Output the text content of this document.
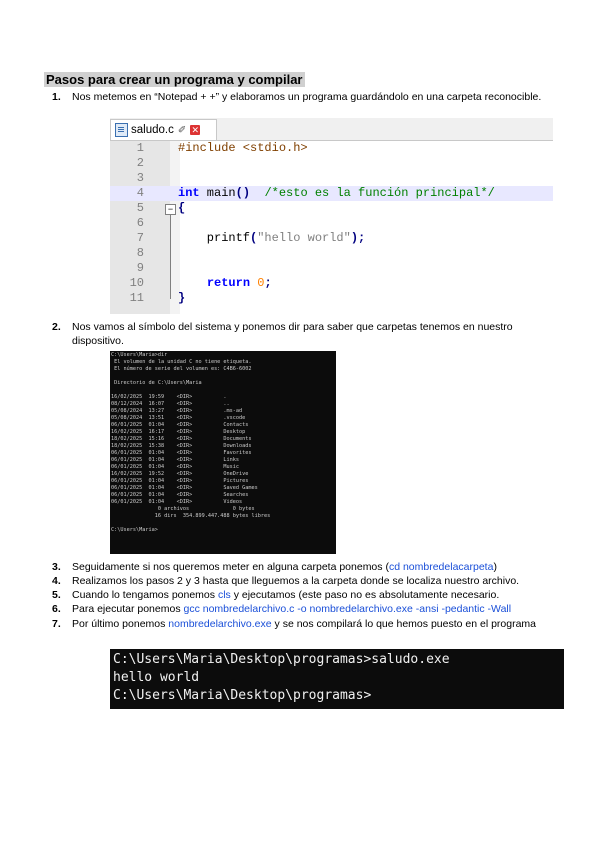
Pasos para crear un programa y compilar
1.	Nos metemos en “Notepad + +” y elaboramos un programa guardándolo en una carpeta reconocible.
saludo.c ✐ ✕
1	#include <stdio.h>
2
3
4	int main() /*esto es la función principal*/
5	{
6
7	printf("hello world");
8
9
10	return 0;
11	}
−
2.	Nos vamos al símbolo del sistema y ponemos dir para saber que carpetas tenemos en nuestro dispositivo.
C:\Users\Maria>dir
El volumen de la unidad C no tiene etiqueta.
El número de serie del volumen es: C4B6-6002

Directorio de C:\Users\Maria

16/02/2025  19:59    <DIR>          .
08/12/2024  16:07    <DIR>          ..
05/08/2024  13:27    <DIR>          .ms-ad
05/08/2024  13:51    <DIR>          .vscode
06/01/2025  01:04    <DIR>          Contacts
16/02/2025  16:17    <DIR>          Desktop
18/02/2025  15:16    <DIR>          Documents
18/02/2025  15:38    <DIR>          Downloads
06/01/2025  01:04    <DIR>          Favorites
06/01/2025  01:04    <DIR>          Links
06/01/2025  01:04    <DIR>          Music
16/02/2025  19:52    <DIR>          OneDrive
06/01/2025  01:04    <DIR>          Pictures
06/01/2025  01:04    <DIR>          Saved Games
06/01/2025  01:04    <DIR>          Searches
06/01/2025  01:04    <DIR>          Videos
0 archivos              0 bytes
16 dirs  354.899.447.488 bytes libres

C:\Users\Maria>
3.	Seguidamente si nos queremos meter en alguna carpeta ponemos (cd nombredelacarpeta)
4.	Realizamos los pasos 2 y 3 hasta que lleguemos a la carpeta donde se localiza nuestro archivo.
5.	Cuando lo tengamos ponemos cls y ejecutamos (este paso no es absolutamente necesario.
6.	Para ejecutar ponemos gcc nombredelarchivo.c -o nombredelarchivo.exe -ansi -pedantic -Wall
7.	Por último ponemos nombredelarchivo.exe y se nos compilará lo que hemos puesto en el programa
C:\Users\Maria\Desktop\programas>saludo.exe
hello world
C:\Users\Maria\Desktop\programas>
